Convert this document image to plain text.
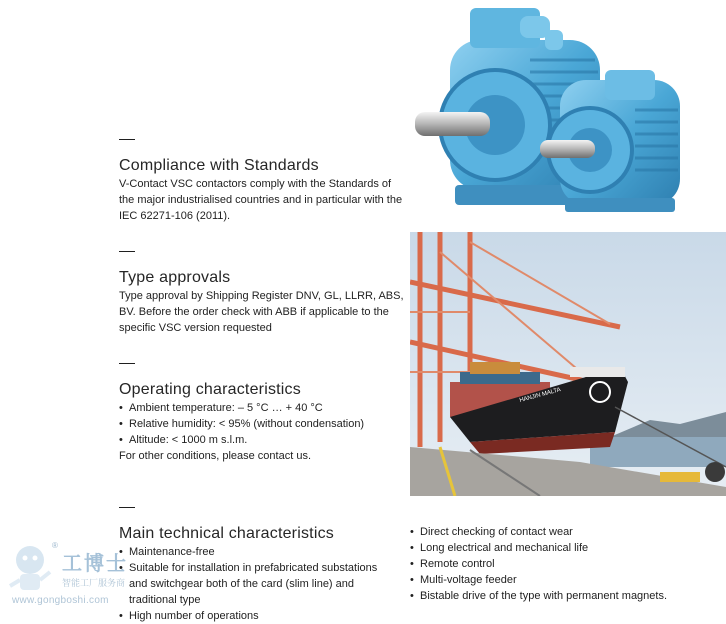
Compliance with Standards

V-Contact VSC contactors comply with the Standards of the major industrialised countries and in particular with the IEC 62271-106 (2011).

Type approvals

Type approval by Shipping Register DNV, GL, LLRR, ABS, BV. Before the order check with ABB if applicable to the specific VSC version requested

Operating characteristics
• Ambient temperature: – 5 °C … + 40 °C
• Relative humidity: < 95% (without condensation)
• Altitude: < 1000 m s.l.m.

For other conditions, please contact us.

Main technical characteristics
• Maintenance-free
• Suitable for installation in prefabricated substations and switchgear both of the card (slim line) and traditional type
• High number of operations
• Direct checking of contact wear
• Long electrical and mechanical life
• Remote control
• Multi-voltage feeder
• Bistable drive of the type with permanent magnets.
HANJIN MALTA
®
工博士
智能工厂服务商
www.gongboshi.com
